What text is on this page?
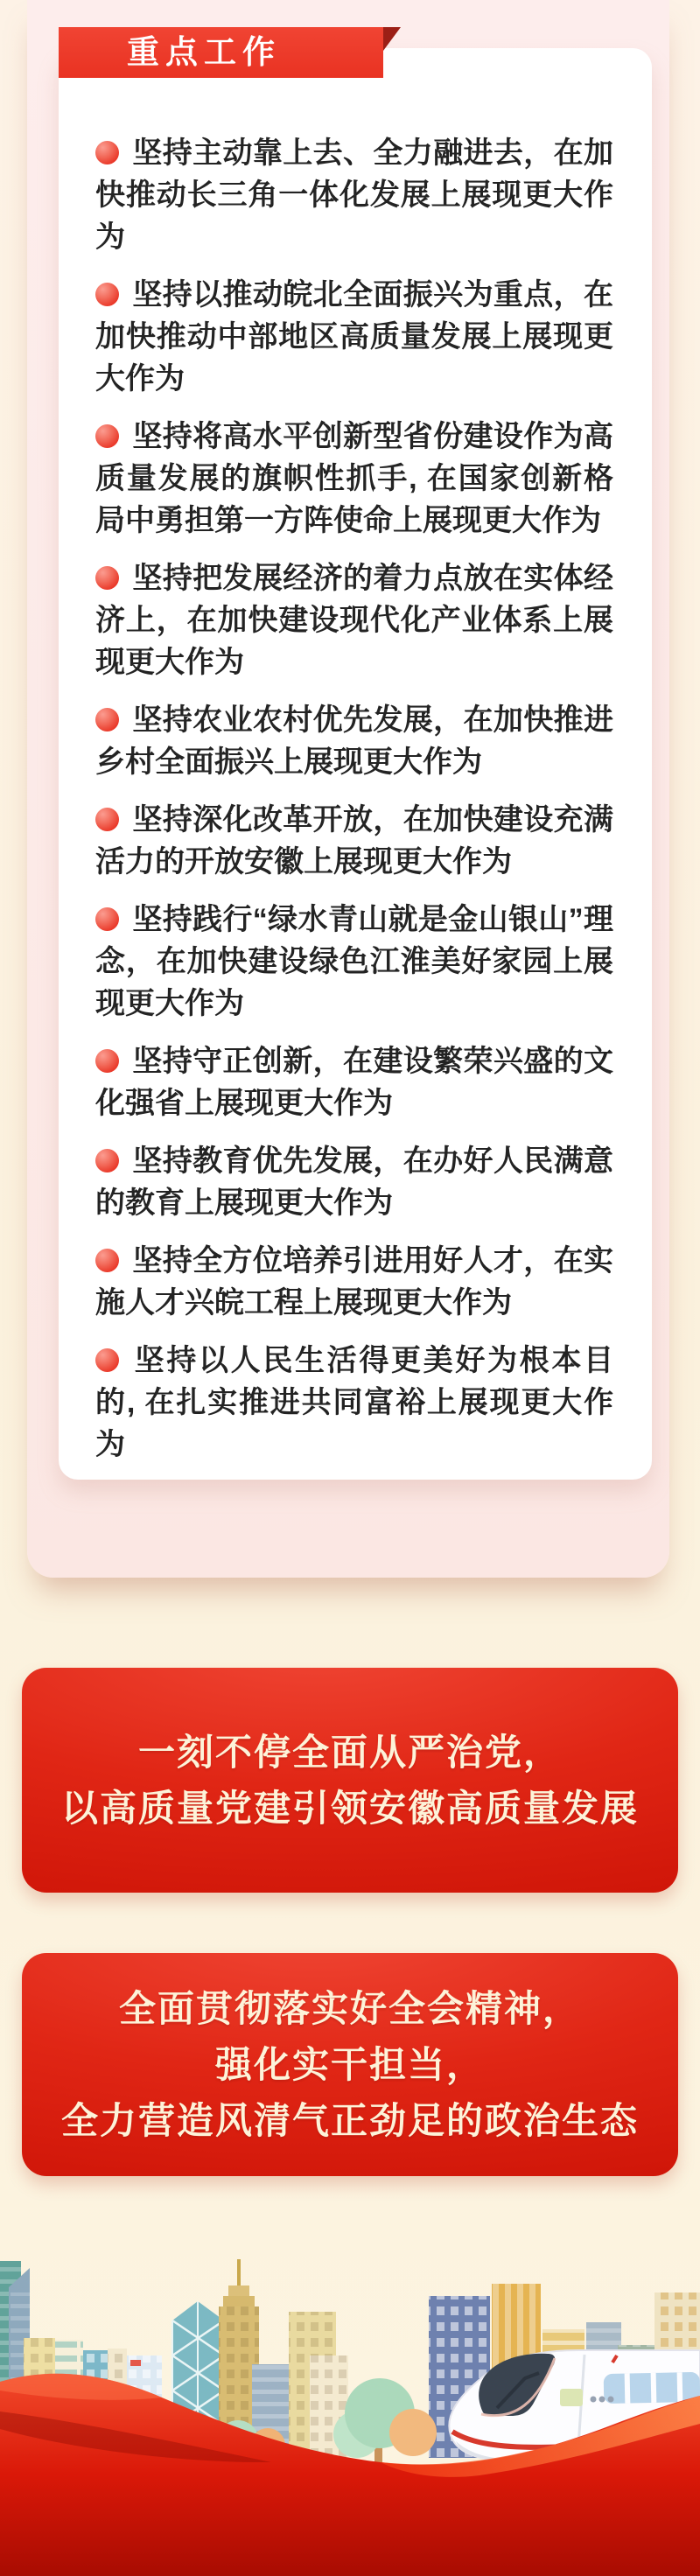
重点工作
坚持主动靠上去、全力融进去，在加快推动长三角一体化发展上展现更大作为
坚持以推动皖北全面振兴为重点，在加快推动中部地区高质量发展上展现更大作为
坚持将高水平创新型省份建设作为高质量发展的旗帜性抓手, 在国家创新格局中勇担第一方阵使命上展现更大作为
坚持把发展经济的着力点放在实体经济上，在加快建设现代化产业体系上展现更大作为
坚持农业农村优先发展，在加快推进乡村全面振兴上展现更大作为
坚持深化改革开放，在加快建设充满活力的开放安徽上展现更大作为
坚持践行“绿水青山就是金山银山”理念，在加快建设绿色江淮美好家园上展现更大作为
坚持守正创新，在建设繁荣兴盛的文化强省上展现更大作为
坚持教育优先发展，在办好人民满意的教育上展现更大作为
坚持全方位培养引进用好人才，在实施人才兴皖工程上展现更大作为
坚持以人民生活得更美好为根本目的, 在扎实推进共同富裕上展现更大作为
一刻不停全面从严治党，
以高质量党建引领安徽高质量发展
全面贯彻落实好全会精神，
强化实干担当，
全力营造风清气正劲足的政治生态
